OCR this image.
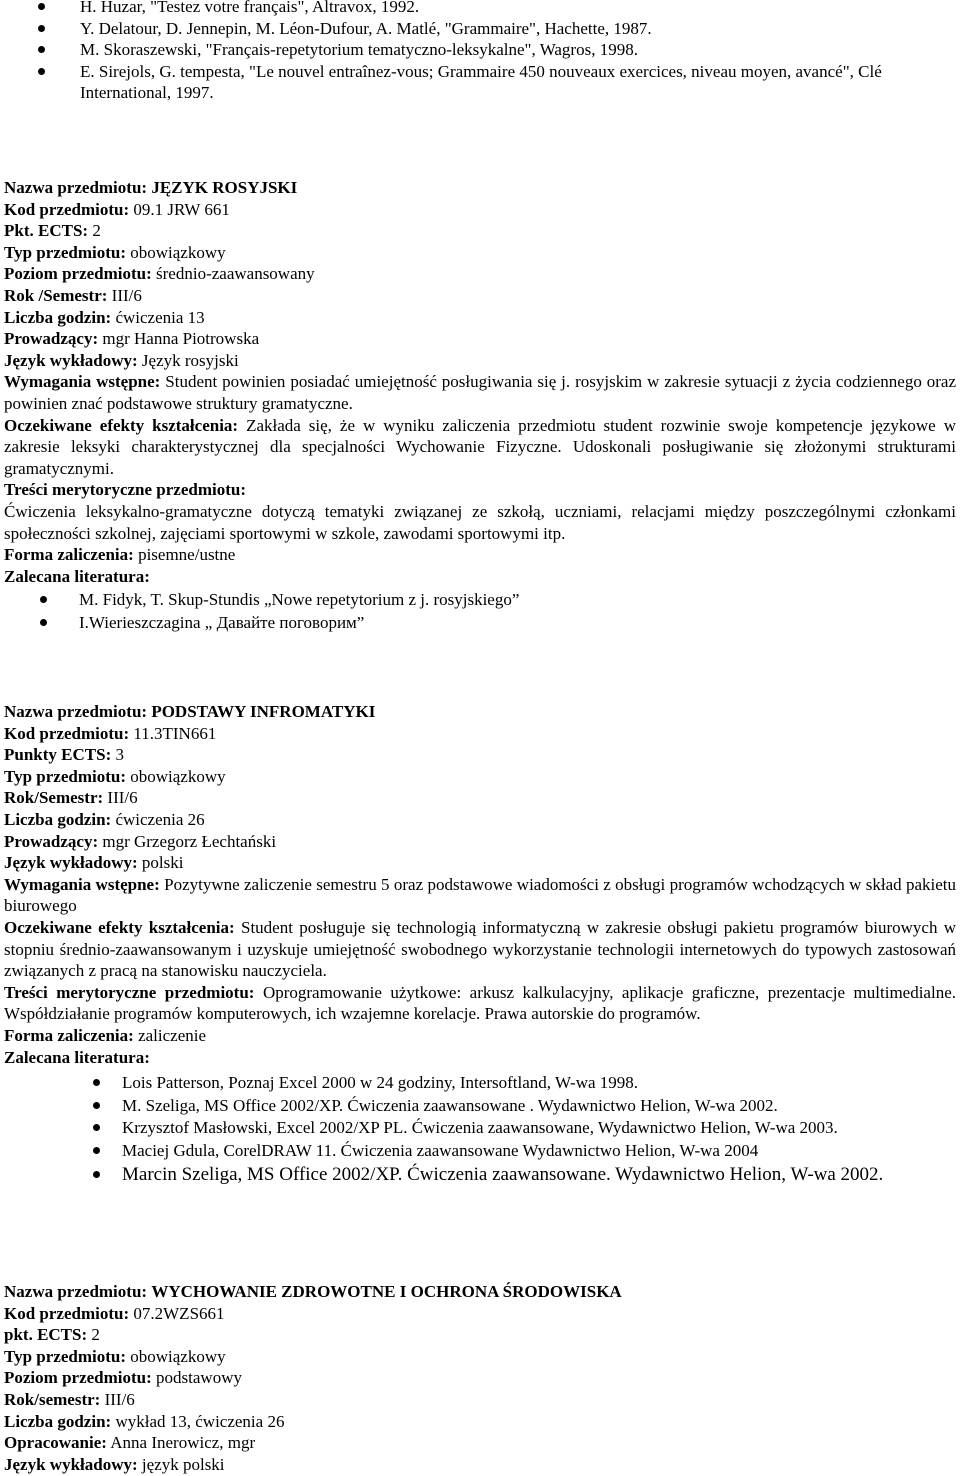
H. Huzar, "Testez votre français", Altravox, 1992.
Y. Delatour, D. Jennepin, M. Léon-Dufour, A. Matlé, "Grammaire", Hachette, 1987.
M. Skoraszewski, "Français-repetytorium tematyczno-leksykalne", Wagros, 1998.
E. Sirejols, G. tempesta, "Le nouvel entraînez-vous; Grammaire 450 nouveaux exercices, niveau moyen, avancé", Clé International, 1997.

Nazwa przedmiotu: JĘZYK ROSYJSKI

Kod przedmiotu: 09.1 JRW 661

Pkt. ECTS: 2

Typ przedmiotu: obowiązkowy

Poziom przedmiotu: średnio-zaawansowany

Rok /Semestr: III/6

Liczba godzin: ćwiczenia 13

Prowadzący: mgr Hanna Piotrowska

Język wykładowy: Język rosyjski

Wymagania wstępne: Student powinien posiadać umiejętność posługiwania się j. rosyjskim w zakresie sytuacji z życia codziennego oraz powinien znać podstawowe struktury gramatyczne.

Oczekiwane efekty kształcenia: Zakłada się, że w wyniku zaliczenia przedmiotu student rozwinie swoje kompetencje językowe w zakresie leksyki charakterystycznej dla specjalności Wychowanie Fizyczne. Udoskonali posługiwanie się złożonymi strukturami gramatycznymi.

Treści merytoryczne przedmiotu:

Ćwiczenia leksykalno-gramatyczne dotyczą tematyki związanej ze szkołą, uczniami, relacjami między poszczególnymi członkami społeczności szkolnej, zajęciami sportowymi w szkole, zawodami sportowymi itp.

Forma zaliczenia: pisemne/ustne

Zalecana literatura:

M. Fidyk, T. Skup-Stundis „Nowe repetytorium z j. rosyjskiego”
I.Wierieszczagina „ Давайте поговорим”

Nazwa przedmiotu: PODSTAWY INFROMATYKI

Kod przedmiotu: 11.3TIN661

Punkty ECTS: 3

Typ przedmiotu: obowiązkowy

Rok/Semestr: III/6

Liczba godzin: ćwiczenia 26

Prowadzący: mgr Grzegorz Łechtański

Język wykładowy: polski

Wymagania wstępne: Pozytywne zaliczenie semestru 5 oraz podstawowe wiadomości z obsługi programów wchodzących w skład pakietu biurowego

Oczekiwane efekty kształcenia: Student posługuje się technologią informatyczną w zakresie obsługi pakietu programów biurowych w stopniu średnio-zaawansowanym i uzyskuje umiejętność swobodnego wykorzystanie technologii internetowych do typowych zastosowań związanych z pracą na stanowisku nauczyciela.

Treści merytoryczne przedmiotu: Oprogramowanie użytkowe: arkusz kalkulacyjny, aplikacje graficzne, prezentacje multimedialne. Współdziałanie programów komputerowych, ich wzajemne korelacje. Prawa autorskie do programów.

Forma zaliczenia: zaliczenie

Zalecana literatura:

Lois Patterson, Poznaj Excel 2000 w 24 godziny, Intersoftland, W-wa 1998.
M. Szeliga, MS Office 2002/XP. Ćwiczenia zaawansowane . Wydawnictwo Helion, W-wa 2002.
Krzysztof Masłowski, Excel 2002/XP PL. Ćwiczenia zaawansowane, Wydawnictwo Helion, W-wa 2003.
Maciej Gdula, CorelDRAW 11. Ćwiczenia zaawansowane Wydawnictwo Helion, W-wa 2004
Marcin Szeliga, MS Office 2002/XP. Ćwiczenia zaawansowane. Wydawnictwo Helion, W-wa 2002.

Nazwa przedmiotu: WYCHOWANIE ZDROWOTNE I OCHRONA ŚRODOWISKA

Kod przedmiotu: 07.2WZS661

pkt. ECTS: 2

Typ przedmiotu: obowiązkowy

Poziom przedmiotu: podstawowy

Rok/semestr: III/6

Liczba godzin: wykład 13, ćwiczenia 26

Opracowanie: Anna Inerowicz, mgr

Język wykładowy: język polski
